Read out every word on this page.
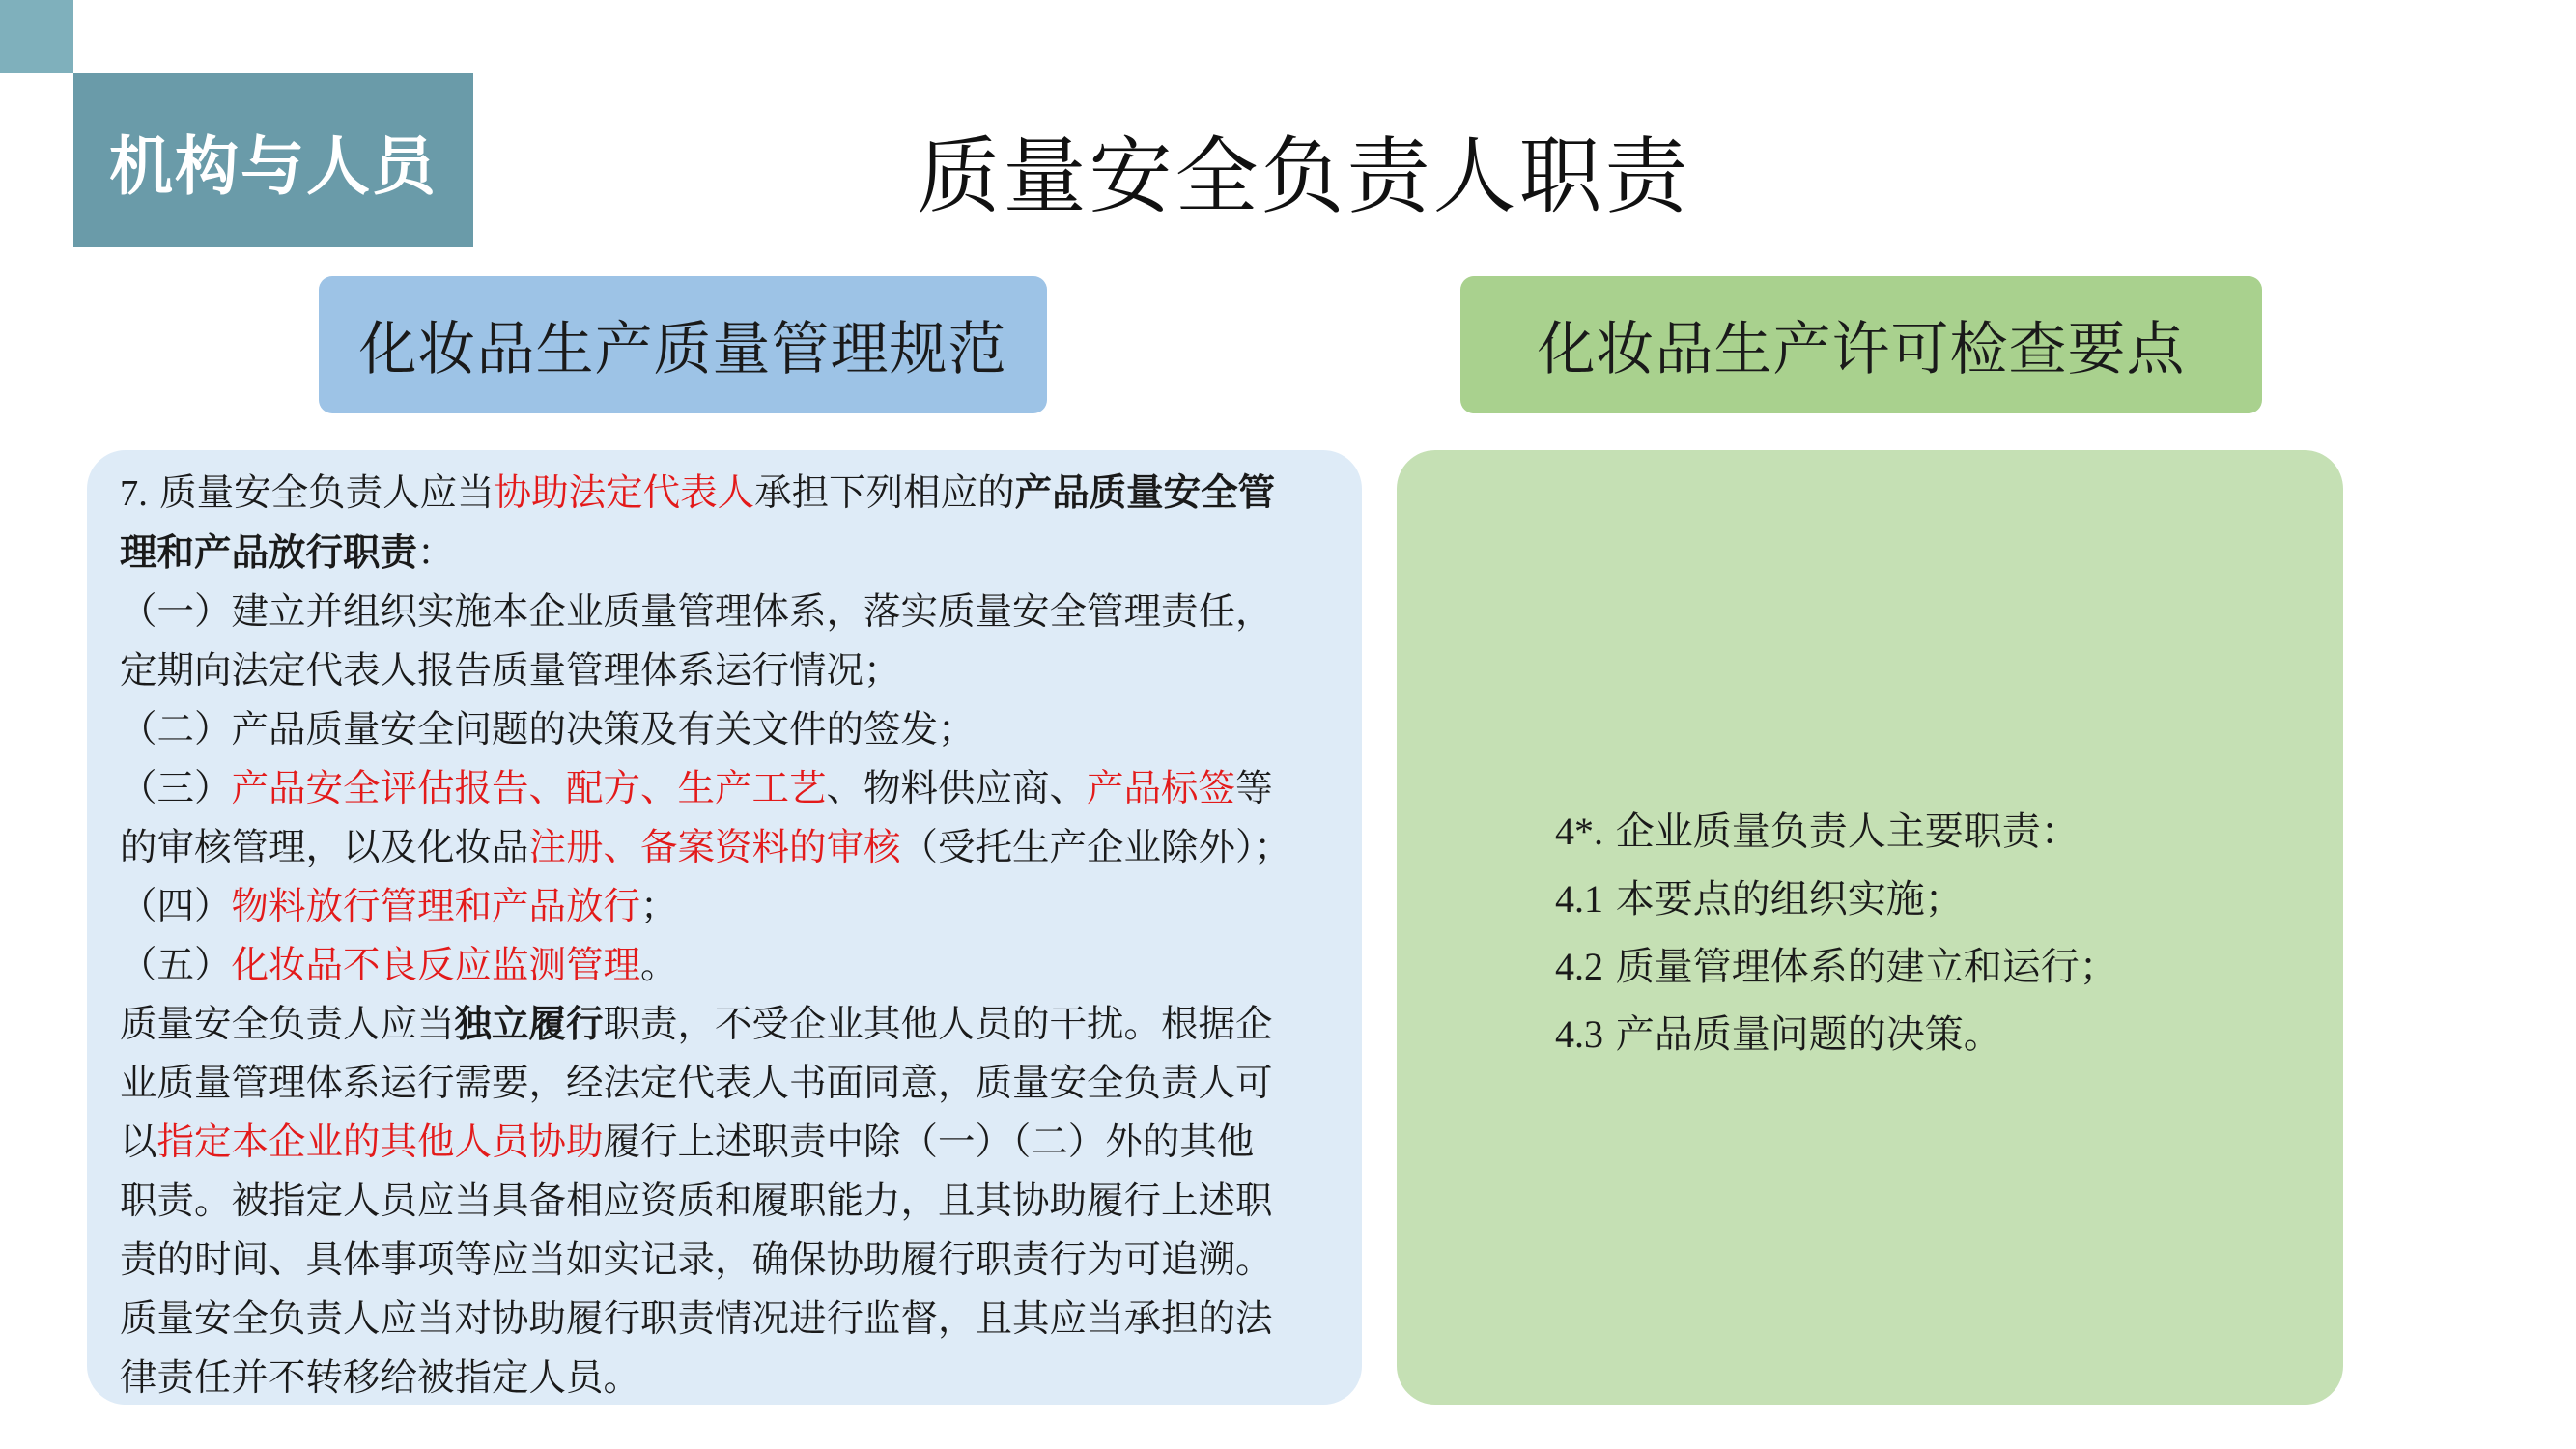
机构与人员	质量安全负责人职责
化妆品生产质量管理规范	化妆品生产许可检查要点

7. 质量安全负责人应当协助法定代表人承担下列相应的产品质量安全管

理和产品放行职责：

（一）建立并组织实施本企业质量管理体系，落实质量安全管理责任，

定期向法定代表人报告质量管理体系运行情况；

（二）产品质量安全问题的决策及有关文件的签发；

（三）产品安全评估报告、配方、生产工艺、物料供应商、产品标签等

的审核管理，以及化妆品注册、备案资料的审核（受托生产企业除外）；

（四）物料放行管理和产品放行；

（五）化妆品不良反应监测管理。

质量安全负责人应当独立履行职责，不受企业其他人员的干扰。根据企

业质量管理体系运行需要，经法定代表人书面同意，质量安全负责人可

以指定本企业的其他人员协助履行上述职责中除（一）（二）外的其他

职责。被指定人员应当具备相应资质和履职能力，且其协助履行上述职

责的时间、具体事项等应当如实记录，确保协助履行职责行为可追溯。

质量安全负责人应当对协助履行职责情况进行监督，且其应当承担的法

律责任并不转移给被指定人员。

4*. 企业质量负责人主要职责：

4.1 本要点的组织实施；

4.2 质量管理体系的建立和运行；

4.3 产品质量问题的决策。
